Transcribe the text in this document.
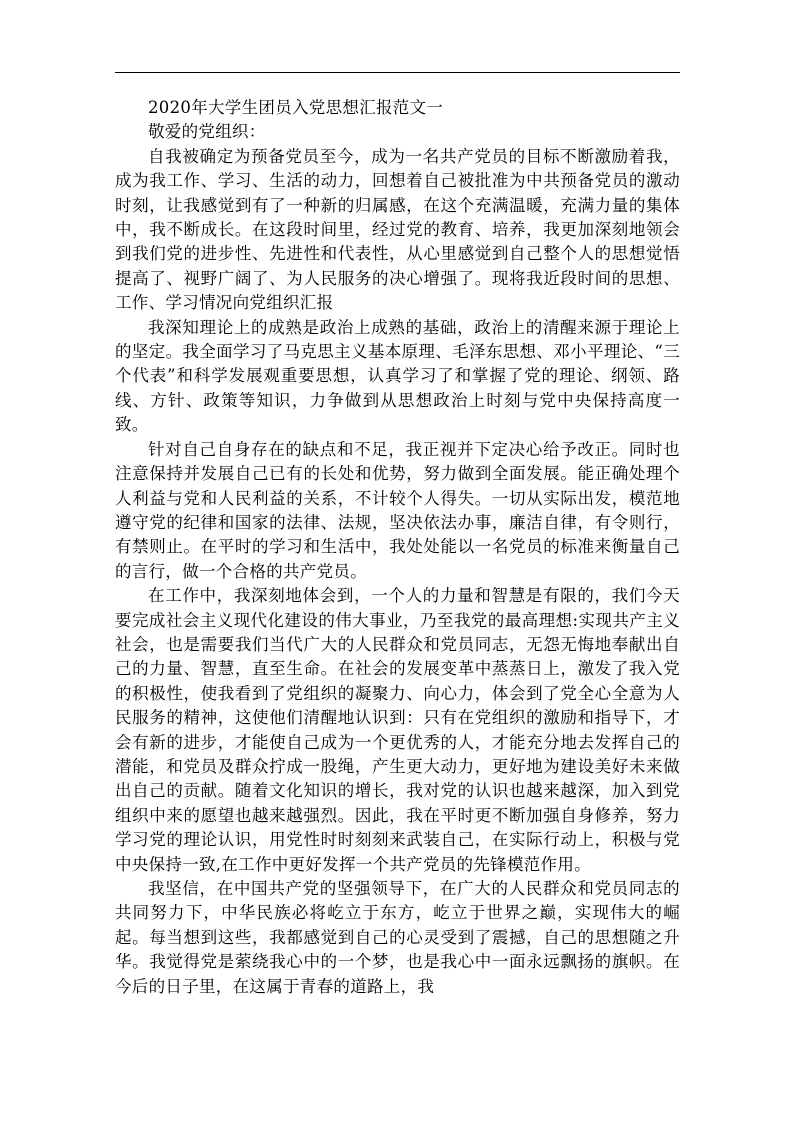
2020年大学生团员入党思想汇报范文一

敬爱的党组织：

自我被确定为预备党员至今，成为一名共产党员的目标不断激励着我，成为我工作、学习、生活的动力，回想着自己被批准为中共预备党员的激动时刻，让我感觉到有了一种新的归属感，在这个充满温暖，充满力量的集体中，我不断成长。在这段时间里，经过党的教育、培养，我更加深刻地领会到我们党的进步性、先进性和代表性，从心里感觉到自己整个人的思想觉悟提高了、视野广阔了、为人民服务的决心增强了。现将我近段时间的思想、工作、学习情况向党组织汇报

我深知理论上的成熟是政治上成熟的基础，政治上的清醒来源于理论上的坚定。我全面学习了马克思主义基本原理、毛泽东思想、邓小平理论、“三个代表”和科学发展观重要思想，认真学习了和掌握了党的理论、纲领、路线、方针、政策等知识，力争做到从思想政治上时刻与党中央保持高度一致。

针对自己自身存在的缺点和不足，我正视并下定决心给予改正。同时也注意保持并发展自己已有的长处和优势，努力做到全面发展。能正确处理个人利益与党和人民利益的关系，不计较个人得失。一切从实际出发，模范地遵守党的纪律和国家的法律、法规，坚决依法办事，廉洁自律，有令则行，有禁则止。在平时的学习和生活中，我处处能以一名党员的标准来衡量自己的言行，做一个合格的共产党员。

在工作中，我深刻地体会到，一个人的力量和智慧是有限的，我们今天要完成社会主义现代化建设的伟大事业，乃至我党的最高理想:实现共产主义社会，也是需要我们当代广大的人民群众和党员同志，无怨无悔地奉献出自己的力量、智慧，直至生命。在社会的发展变革中蒸蒸日上，激发了我入党的积极性，使我看到了党组织的凝聚力、向心力，体会到了党全心全意为人民服务的精神，这使他们清醒地认识到：只有在党组织的激励和指导下，才会有新的进步，才能使自己成为一个更优秀的人，才能充分地去发挥自己的潜能，和党员及群众拧成一股绳，产生更大动力，更好地为建设美好未来做出自己的贡献。随着文化知识的增长，我对党的认识也越来越深，加入到党组织中来的愿望也越来越强烈。因此，我在平时更不断加强自身修养，努力学习党的理论认识，用党性时时刻刻来武装自己，在实际行动上，积极与党中央保持一致,在工作中更好发挥一个共产党员的先锋模范作用。

我坚信，在中国共产党的坚强领导下，在广大的人民群众和党员同志的共同努力下，中华民族必将屹立于东方，屹立于世界之巅，实现伟大的崛起。每当想到这些，我都感觉到自己的心灵受到了震撼，自己的思想随之升华。我觉得党是萦绕我心中的一个梦，也是我心中一面永远飘扬的旗帜。在今后的日子里，在这属于青春的道路上，我
